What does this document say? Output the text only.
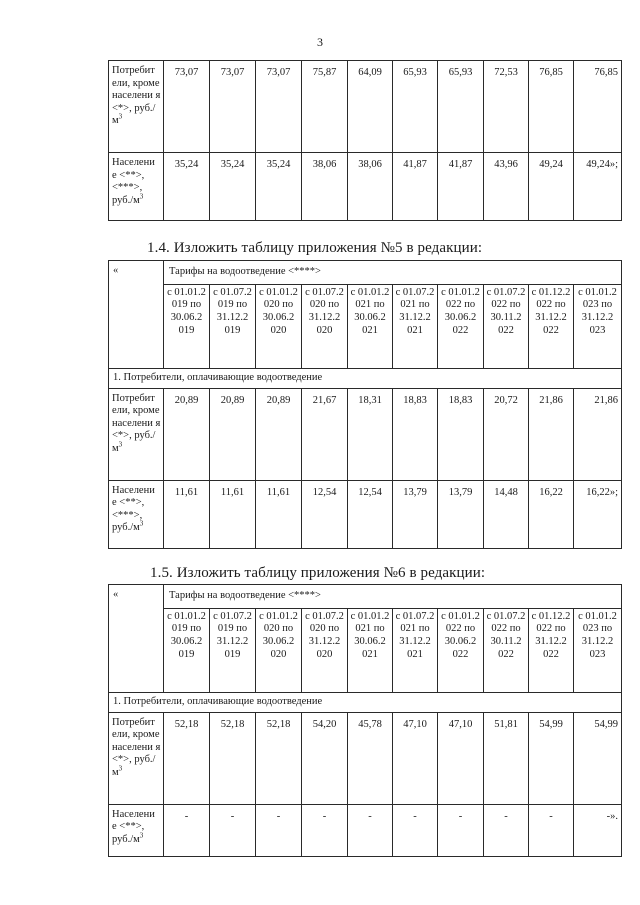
3
Потребит ели, кроме населени я <*>, $руб./м^3$	73,07	73,07	73,07	75,87	64,09	65,93	65,93	72,53	76,85	76,85
Населени е <**>, <***>, $руб./м^3$	35,24	35,24	35,24	38,06	38,06	41,87	41,87	43,96	49,24	49,24»;
1.4. Изложить таблицу приложения №5 в редакции:
«	Тарифы на водоотведение <****>									
	с 01.01.2 019 по 30.06.2 019	с 01.07.2 019 по 31.12.2 019	с 01.01.2 020 по 30.06.2 020	с 01.07.2 020 по 31.12.2 020	с 01.01.2 021 по 30.06.2 021	с 01.07.2 021 по 31.12.2 021	с 01.01.2 022 по 30.06.2 022	с 01.07.2 022 по 30.11.2 022	с 01.12.2 022 по 31.12.2 022	с 01.01.2 023 по 31.12.2 023
1. Потребители, оплачивающие водоотведение										
Потребит ели, кроме населени я <*>, $руб./м^3$	20,89	20,89	20,89	21,67	18,31	18,83	18,83	20,72	21,86	21,86
Населени е <**>, <***>, $руб./м^3$	11,61	11,61	11,61	12,54	12,54	13,79	13,79	14,48	16,22	16,22»;
1.5. Изложить таблицу приложения №6 в редакции:
«	Тарифы на водоотведение <****>									
	с 01.01.2 019 по 30.06.2 019	с 01.07.2 019 по 31.12.2 019	с 01.01.2 020 по 30.06.2 020	с 01.07.2 020 по 31.12.2 020	с 01.01.2 021 по 30.06.2 021	с 01.07.2 021 по 31.12.2 021	с 01.01.2 022 по 30.06.2 022	с 01.07.2 022 по 30.11.2 022	с 01.12.2 022 по 31.12.2 022	с 01.01.2 023 по 31.12.2 023
1. Потребители, оплачивающие водоотведение										
Потребит ели, кроме населени я <*>, $руб./м^3$	52,18	52,18	52,18	54,20	45,78	47,10	47,10	51,81	54,99	54,99
Населени е <**>, $руб./м^3$	-	-	-	-	-	-	-	-	-	-».
